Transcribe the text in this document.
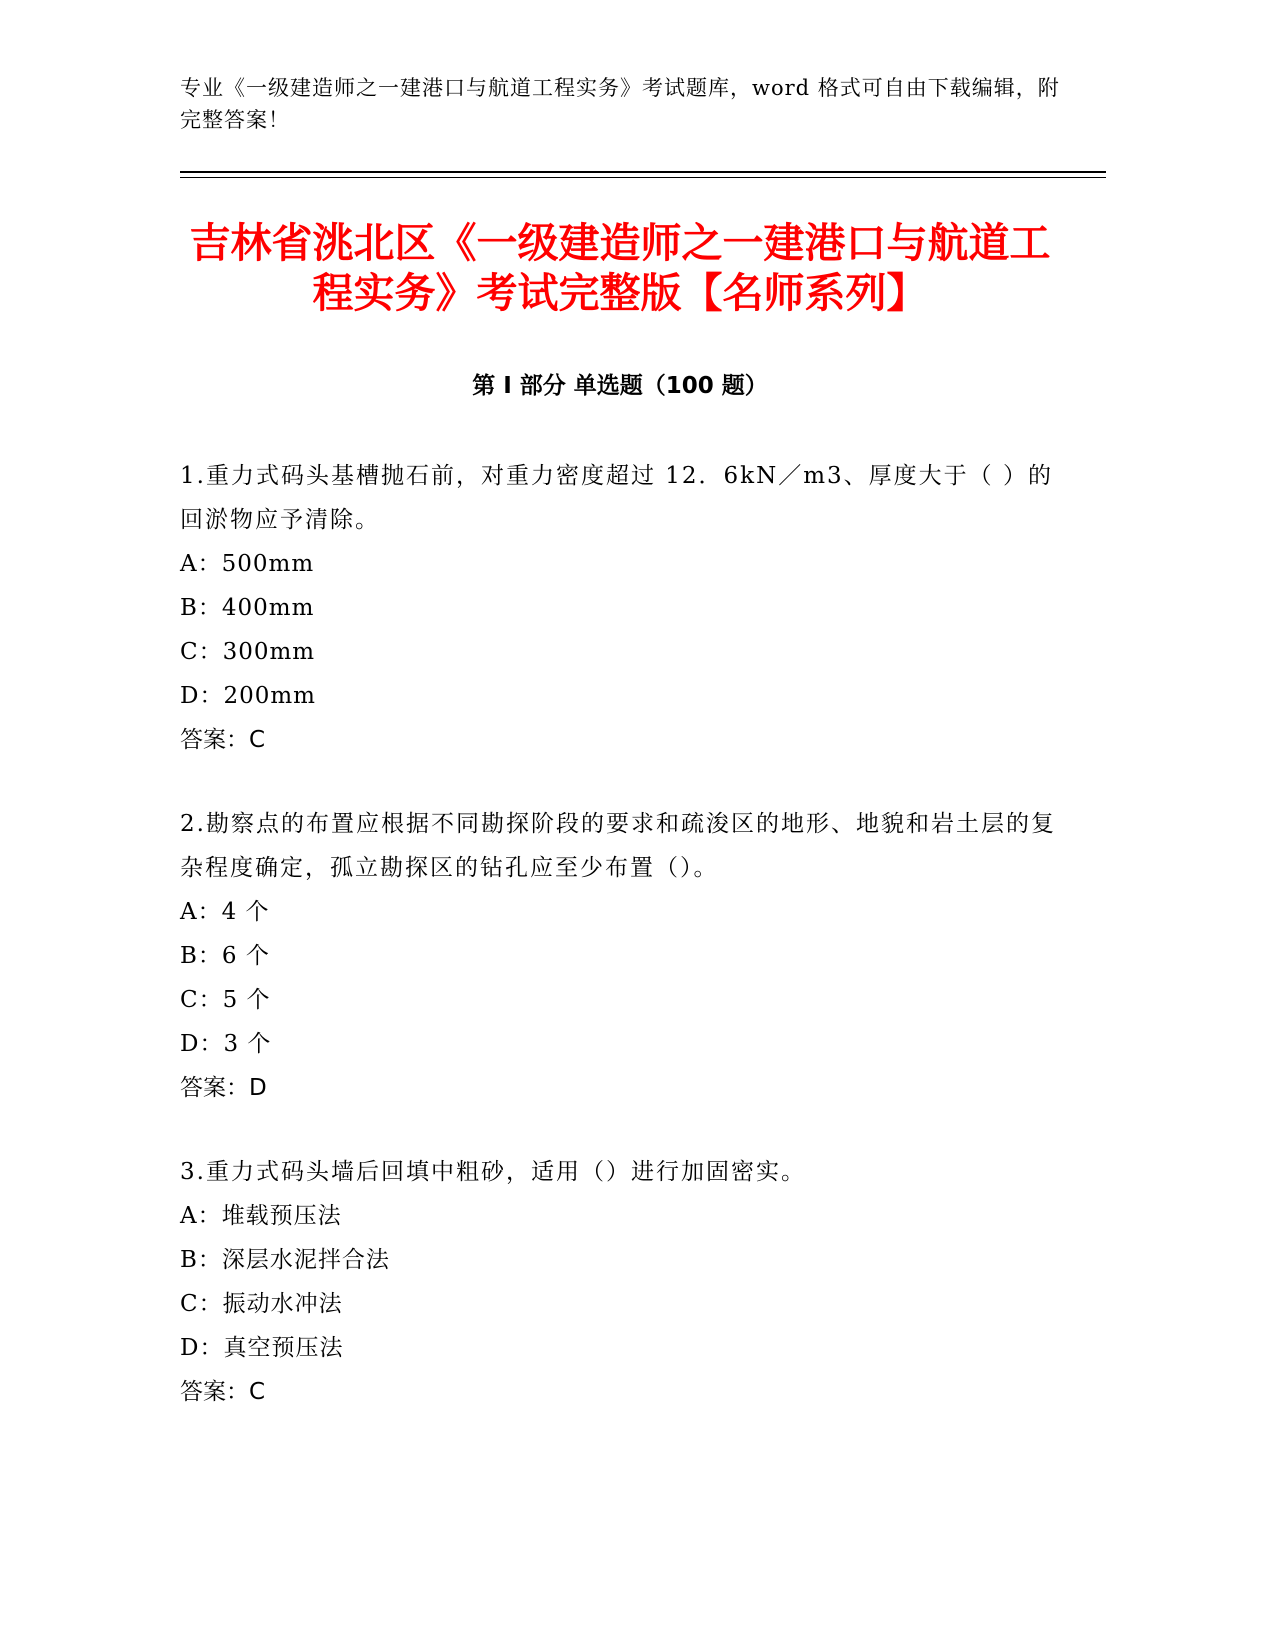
专业《一级建造师之一建港口与航道工程实务》考试题库，word 格式可自由下载编辑，附完整答案！
吉林省洮北区《一级建造师之一建港口与航道工程实务》考试完整版【名师系列】
第 I 部分 单选题（100 题）
1.重力式码头基槽抛石前，对重力密度超过 12．6kN／m3、厚度大于（ ）的回淤物应予清除。
A：500mm
B：400mm
C：300mm
D：200mm
答案：C
2.勘察点的布置应根据不同勘探阶段的要求和疏浚区的地形、地貌和岩土层的复杂程度确定，孤立勘探区的钻孔应至少布置（）。
A：4 个
B：6 个
C：5 个
D：3 个
答案：D
3.重力式码头墙后回填中粗砂，适用（）进行加固密实。
A：堆载预压法
B：深层水泥拌合法
C：振动水冲法
D：真空预压法
答案：C
